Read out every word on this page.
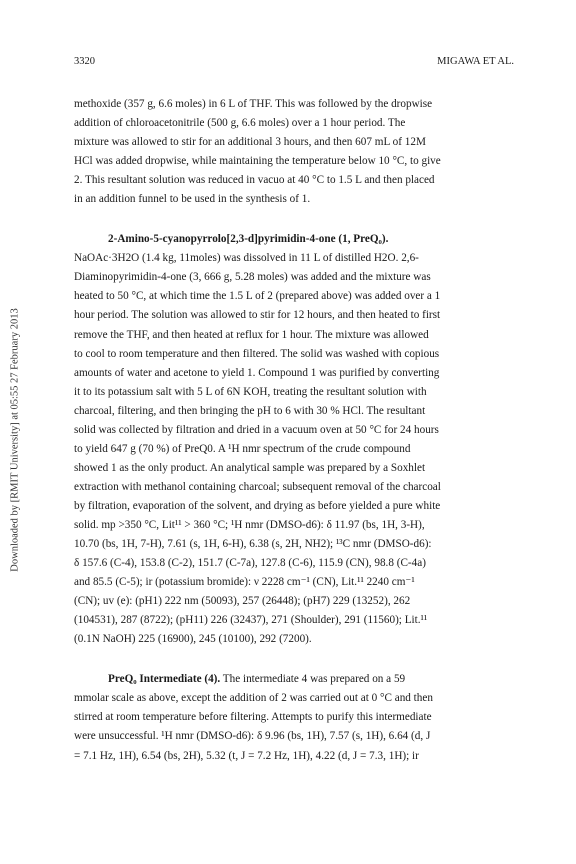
3320	MIGAWA ET AL.
Downloaded by [RMIT University] at 05:55 27 February 2013
methoxide (357 g, 6.6 moles) in 6 L of THF. This was followed by the dropwise
addition of chloroacetonitrile (500 g, 6.6 moles) over a 1 hour period. The
mixture was allowed to stir for an additional 3 hours, and then 607 mL of 12M
HCl was added dropwise, while maintaining the temperature below 10 °C, to give
2. This resultant solution was reduced in vacuo at 40 °C to 1.5 L and then placed
in an addition funnel to be used in the synthesis of 1.
2-Amino-5-cyanopyrrolo[2,3-d]pyrimidin-4-one (1, PreQ₀).
NaOAc·3H2O (1.4 kg, 11moles) was dissolved in 11 L of distilled H2O. 2,6-
Diaminopyrimidin-4-one (3, 666 g, 5.28 moles) was added and the mixture was
heated to 50 °C, at which time the 1.5 L of 2 (prepared above) was added over a 1
hour period. The solution was allowed to stir for 12 hours, and then heated to first
remove the THF, and then heated at reflux for 1 hour. The mixture was allowed
to cool to room temperature and then filtered. The solid was washed with copious
amounts of water and acetone to yield 1. Compound 1 was purified by converting
it to its potassium salt with 5 L of 6N KOH, treating the resultant solution with
charcoal, filtering, and then bringing the pH to 6 with 30 % HCl. The resultant
solid was collected by filtration and dried in a vacuum oven at 50 °C for 24 hours
to yield 647 g (70 %) of PreQ0. A ¹H nmr spectrum of the crude compound
showed 1 as the only product. An analytical sample was prepared by a Soxhlet
extraction with methanol containing charcoal; subsequent removal of the charcoal
by filtration, evaporation of the solvent, and drying as before yielded a pure white
solid. mp >350 °C, Lit¹¹ > 360 °C; ¹H nmr (DMSO-d6): δ 11.97 (bs, 1H, 3-H),
10.70 (bs, 1H, 7-H), 7.61 (s, 1H, 6-H), 6.38 (s, 2H, NH2); ¹³C nmr (DMSO-d6):
δ 157.6 (C-4), 153.8 (C-2), 151.7 (C-7a), 127.8 (C-6), 115.9 (CN), 98.8 (C-4a)
and 85.5 (C-5); ir (potassium bromide): ν 2228 cm⁻¹ (CN), Lit.¹¹ 2240 cm⁻¹
(CN); uv (e): (pH1) 222 nm (50093), 257 (26448); (pH7) 229 (13252), 262
(104531), 287 (8722); (pH11) 226 (32437), 271 (Shoulder), 291 (11560); Lit.¹¹
(0.1N NaOH) 225 (16900), 245 (10100), 292 (7200).
PreQ₀ Intermediate (4). The intermediate 4 was prepared on a 59
mmolar scale as above, except the addition of 2 was carried out at 0 °C and then
stirred at room temperature before filtering. Attempts to purify this intermediate
were unsuccessful. ¹H nmr (DMSO-d6): δ 9.96 (bs, 1H), 7.57 (s, 1H), 6.64 (d, J
= 7.1 Hz, 1H), 6.54 (bs, 2H), 5.32 (t, J = 7.2 Hz, 1H), 4.22 (d, J = 7.3, 1H); ir
